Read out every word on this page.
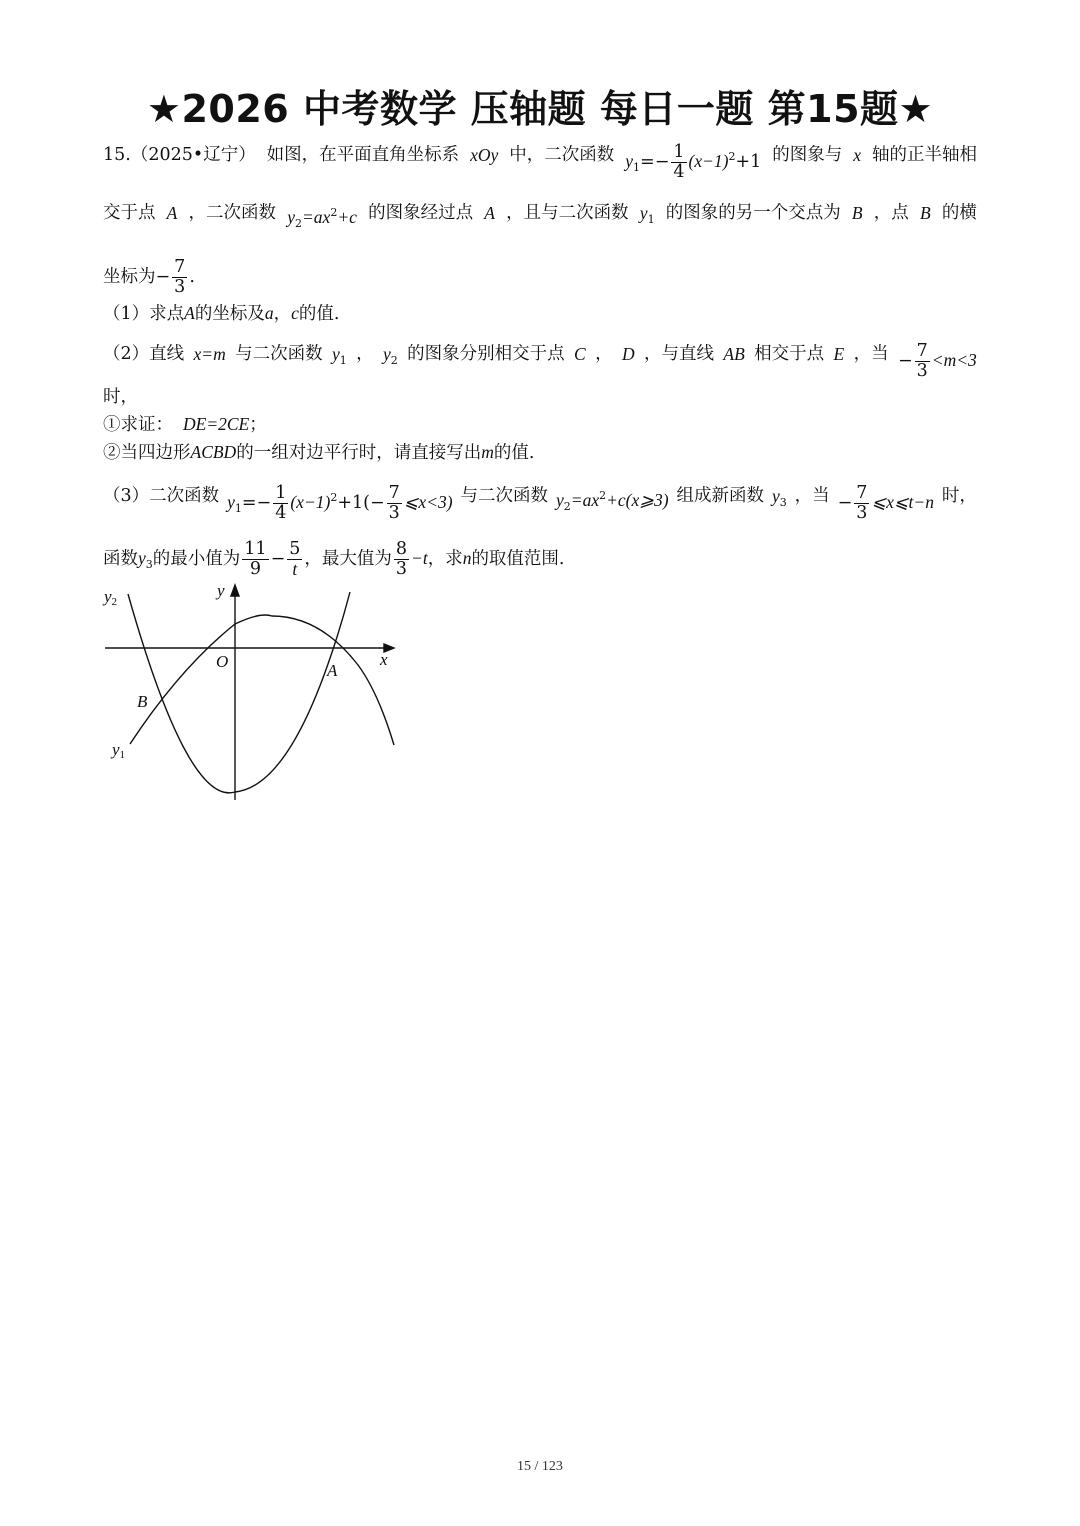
★2026 中考数学 压轴题 每日一题 第15题★
15.（2025•辽宁） 如图，在平面直角坐标系 xOy 中，二次函数 $y_1=- \frac{1}{4} (x-1)^2+1$ 的图象与 x 轴的正半轴相
交于点 A ，二次函数 $y_2=ax^2+c$ 的图象经过点 A ，且与二次函数 $y_1$ 的图象的另一个交点为 B ，点 B 的横
坐标为− $\frac{7}{3}$ .
（1）求点A的坐标及a，c的值.
（2）直线 x=m 与二次函数 $y_1$ ， $y_2$ 的图象分别相交于点 C ， D ，与直线 AB 相交于点 E ，当 − $\frac{7}{3} <m<3$
时，
①求证： DE=2CE；
②当四边形ACBD的一组对边平行时，请直接写出m的值.
（3）二次函数 $y_1=- \frac{1}{4} (x-1)^2+1(- \frac{7}{3}$ ⩽x<3) 与二次函数 $y_2=ax^2+c(x⩾3)$ 组成新函数 $y_3$ ，当 − $\frac{7}{3}$ ⩽x⩽t−n 时，
函数$y_3$的最小值为 $\frac{11}{9} - \frac{5}{t}$ ，最大值为 $\frac{8}{3} -t$，求n的取值范围.
y2
y
O	x
A
B
y1
15 / 123
